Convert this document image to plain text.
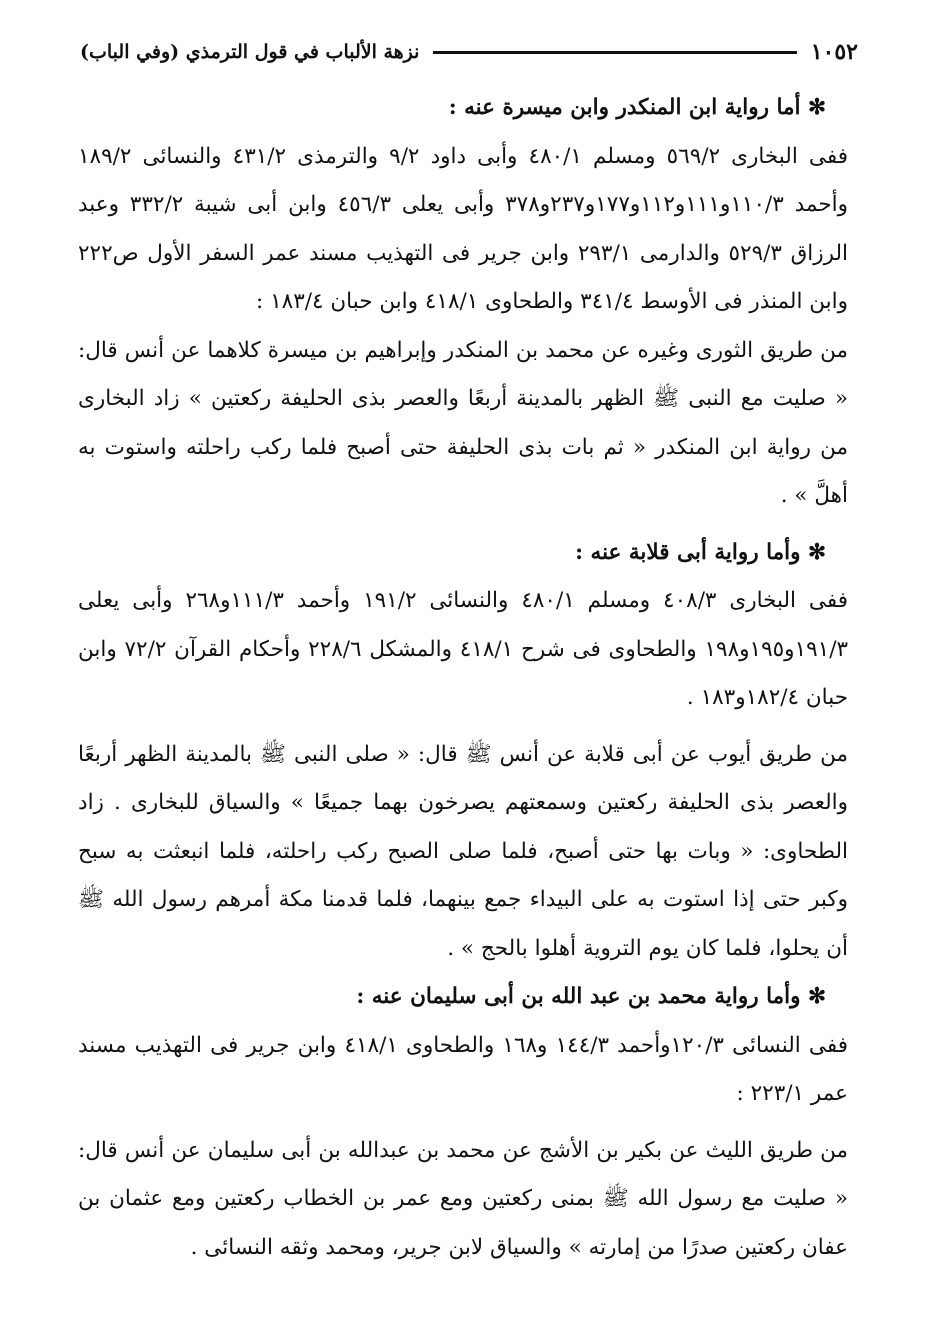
نزهة الألباب في قول الترمذي (وفي الباب)	١٠٥٢

✻ أما رواية ابن المنكدر وابن ميسرة عنه :

ففى البخارى ٥٦٩/٢ ومسلم ٤٨٠/١ وأبى داود ٩/٢ والترمذى ٤٣١/٢ والنسائى ١٨٩/٢ وأحمد ١١٠/٣و١١١و١١٢و١٧٧و٢٣٧و٣٧٨ وأبى يعلى ٤٥٦/٣ وابن أبى شيبة ٣٣٢/٢ وعبد الرزاق ٥٢٩/٣ والدارمى ٢٩٣/١ وابن جرير فى التهذيب مسند عمر السفر الأول ص٢٢٢ وابن المنذر فى الأوسط ٣٤١/٤ والطحاوى ٤١٨/١ وابن حبان ١٨٣/٤ :

من طريق الثورى وغيره عن محمد بن المنكدر وإبراهيم بن ميسرة كلاهما عن أنس قال: « صليت مع النبى ﷺ الظهر بالمدينة أربعًا والعصر بذى الحليفة ركعتين » زاد البخارى من رواية ابن المنكدر « ثم بات بذى الحليفة حتى أصبح فلما ركب راحلته واستوت به أهلَّ » .

✻ وأما رواية أبى قلابة عنه :

ففى البخارى ٤٠٨/٣ ومسلم ٤٨٠/١ والنسائى ١٩١/٢ وأحمد ١١١/٣و٢٦٨ وأبى يعلى ١٩١/٣و١٩٥و١٩٨ والطحاوى فى شرح ٤١٨/١ والمشكل ٢٢٨/٦ وأحكام القرآن ٧٢/٢ وابن حبان ١٨٢/٤و١٨٣ .

من طريق أيوب عن أبى قلابة عن أنس ﷺ قال: « صلى النبى ﷺ بالمدينة الظهر أربعًا والعصر بذى الحليفة ركعتين وسمعتهم يصرخون بهما جميعًا » والسياق للبخارى . زاد الطحاوى: « وبات بها حتى أصبح، فلما صلى الصبح ركب راحلته، فلما انبعثت به سبح وكبر حتى إذا استوت به على البيداء جمع بينهما، فلما قدمنا مكة أمرهم رسول الله ﷺ أن يحلوا، فلما كان يوم التروية أهلوا بالحج » .

✻ وأما رواية محمد بن عبد الله بن أبى سليمان عنه :

ففى النسائى ١٢٠/٣وأحمد ١٤٤/٣ و١٦٨ والطحاوى ٤١٨/١ وابن جرير فى التهذيب مسند عمر ٢٢٣/١ :

من طريق الليث عن بكير بن الأشج عن محمد بن عبدالله بن أبى سليمان عن أنس قال: « صليت مع رسول الله ﷺ بمنى ركعتين ومع عمر بن الخطاب ركعتين ومع عثمان بن عفان ركعتين صدرًا من إمارته » والسياق لابن جرير، ومحمد وثقه النسائى .
